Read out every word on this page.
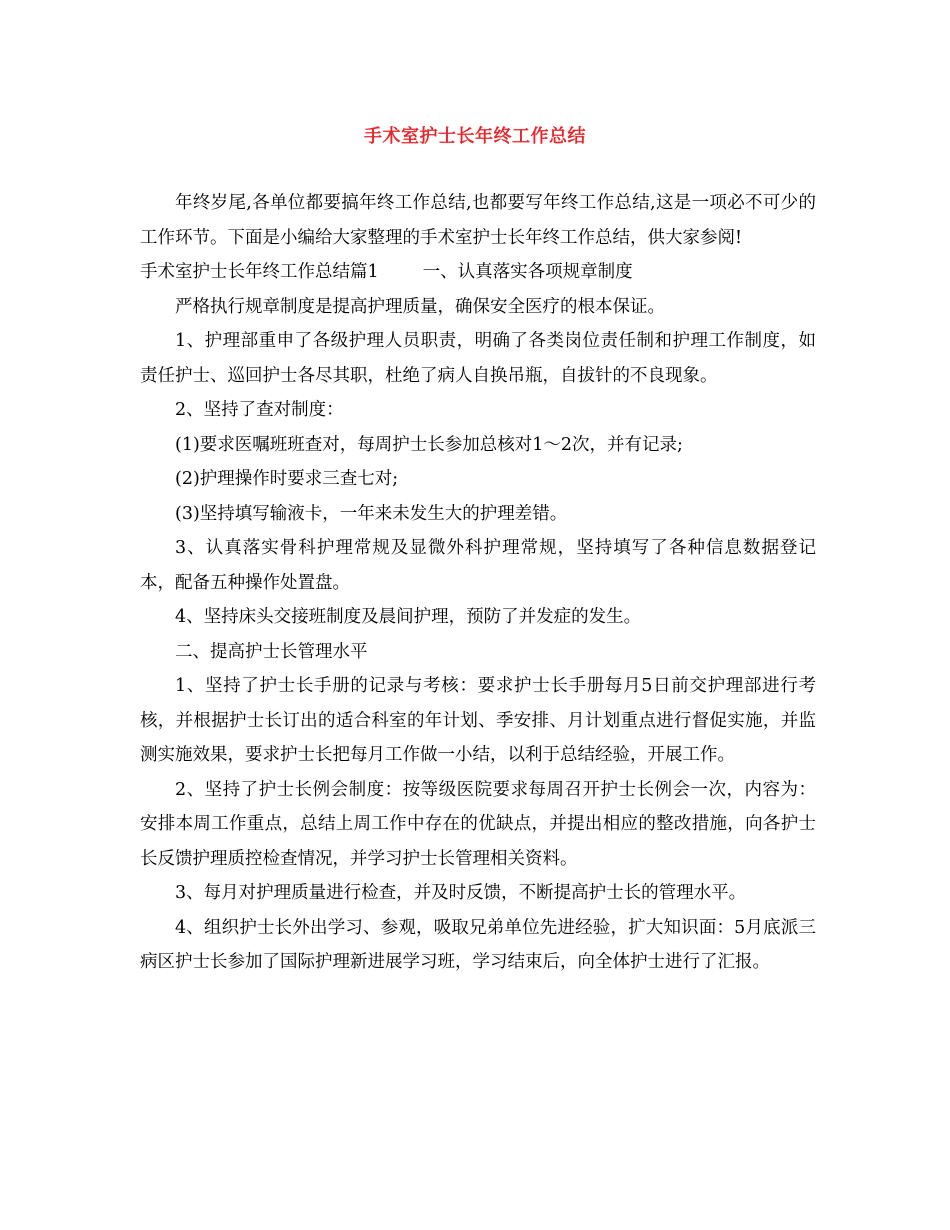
手术室护士长年终工作总结

年终岁尾,各单位都要搞年终工作总结,也都要写年终工作总结,这是一项必不可少的工作环节。下面是小编给大家整理的手术室护士长年终工作总结，供大家参阅!

手术室护士长年终工作总结篇1	一、认真落实各项规章制度

严格执行规章制度是提高护理质量，确保安全医疗的根本保证。

1、护理部重申了各级护理人员职责，明确了各类岗位责任制和护理工作制度，如责任护士、巡回护士各尽其职，杜绝了病人自换吊瓶，自拔针的不良现象。

2、坚持了查对制度：

(1)要求医嘱班班查对，每周护士长参加总核对1～2次，并有记录;

(2)护理操作时要求三查七对;

(3)坚持填写输液卡，一年来未发生大的护理差错。

3、认真落实骨科护理常规及显微外科护理常规，坚持填写了各种信息数据登记本，配备五种操作处置盘。

4、坚持床头交接班制度及晨间护理，预防了并发症的发生。

二、提高护士长管理水平

1、坚持了护士长手册的记录与考核：要求护士长手册每月5日前交护理部进行考核，并根据护士长订出的适合科室的年计划、季安排、月计划重点进行督促实施，并监测实施效果，要求护士长把每月工作做一小结，以利于总结经验，开展工作。

2、坚持了护士长例会制度：按等级医院要求每周召开护士长例会一次，内容为：安排本周工作重点，总结上周工作中存在的优缺点，并提出相应的整改措施，向各护士长反馈护理质控检查情况，并学习护士长管理相关资料。

3、每月对护理质量进行检查，并及时反馈，不断提高护士长的管理水平。

4、组织护士长外出学习、参观，吸取兄弟单位先进经验，扩大知识面：5月底派三病区护士长参加了国际护理新进展学习班，学习结束后，向全体护士进行了汇报。
